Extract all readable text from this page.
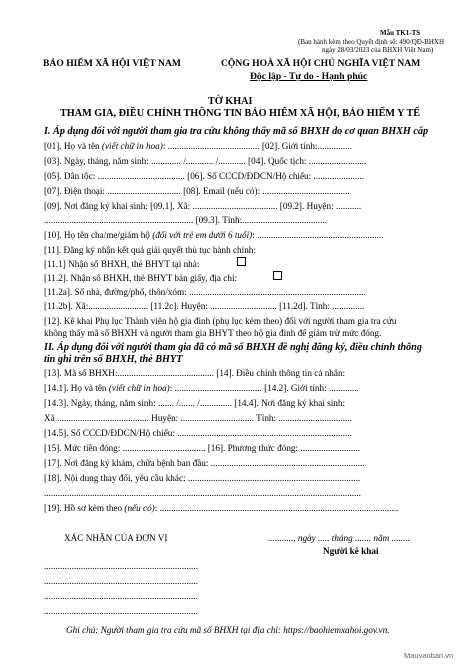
Mẫu TK1-TS
(Ban hành kèm theo Quyết định số: 490/QĐ-BHXH
ngày 28/03/2023 của BHXH Việt Nam)
BẢO HIỂM XÃ HỘI VIỆT NAM	CỘNG HOÀ XÃ HỘI CHỦ NGHĨA VIỆT NAM
Độc lập - Tự do - Hạnh phúc
TỜ KHAI
THAM GIA, ĐIỀU CHỈNH THÔNG TIN BẢO HIỂM XÃ HỘI, BẢO HIỂM Y TẾ
I. Áp dụng đối với người tham gia tra cứu không thấy mã số BHXH do cơ quan BHXH cấp
[01]. Họ và tên (viết chữ in hoa): ........................................ [02]. Giới tính:...............
[03]. Ngày, tháng, năm sinh: ............. /............ /............ [04]. Quốc tịch: .........................
[05]. Dân tộc: ...................................... [06]. Số CCCD/ĐDCN/Hộ chiếu: ......................
[07]. Điện thoại: ................................ [08]. Email (nếu có): ......................................
[09]. Nơi đăng ký khai sinh: [09.1]. Xã: ..................................... [09.2]. Huyện: ...........
................................................................. [09.3]. Tỉnh:.....................................
[10]. Họ tên cha/me/giám hộ (đối với trẻ em dưới 6 tuổi): .......................................................
[11]. Đăng ký nhận kết quả giải quyết thủ tục hành chính:
[11.1] Nhận sổ BHXH, thẻ BHYT tại nhà:
[11.2]. Nhận sổ BHXH, thẻ BHYT bản giấy, địa chỉ:
[11.2a]. Số nhà, đường/phố, thôn/xóm: .............................................................................
[11.2b]. Xã:.......................... [11.2c]. Huyện: ............................. [11.2d]. Tỉnh: ..............
[12]. Kê khai Phụ lục Thành viên hộ gia đình (phụ lục kèm theo) đối với người tham gia tra cứu
không thấy mã số BHXH và người tham gia BHYT theo hộ gia đình để giảm trừ mức đóng.
II. Áp dụng đối với người tham gia đã có mã số BHXH đề nghị đăng ký, điều chỉnh thông
tin ghi trên sổ BHXH, thẻ BHYT
[13]. Mã số BHXH:.......................................... [14]. Điều chỉnh thông tin cá nhân:
[14.1]. Họ và tên (viết chữ in hoa): ...................................... [14.2]. Giới tính: .............
[14.3]. Ngày, tháng, năm sinh: ....... /....... /.............. [14.4]. Nơi đăng ký khai sinh:
Xã ........................................ Huyện: ................................ Tỉnh: ................................
[14.5]. Số CCCD/ĐDCN/Hộ chiếu: ............................................................................
[15]. Mức tiền đóng: .................................... [16]. Phương thức đóng: ..........................
[17]. Nơi đăng ký khám, chữa bệnh ban đầu: ...................................................................
[18]. Nội dung thay đổi, yêu cầu khác: ...........................................................................
..........................................................................................................................................
[19]. Hồ sơ kèm theo (nếu có): ........................................................................................................
XÁC NHẬN CỦA ĐƠN VỊ	..........., ngày ..... tháng ....... năm ........
Người kê khai
...................................................................
...................................................................
...................................................................
...................................................................
Ghi chú: Người tham gia tra cứu mã số BHXH tại địa chỉ: https://baohiemxahoi.gov.vn.
Mauvanban.vn
